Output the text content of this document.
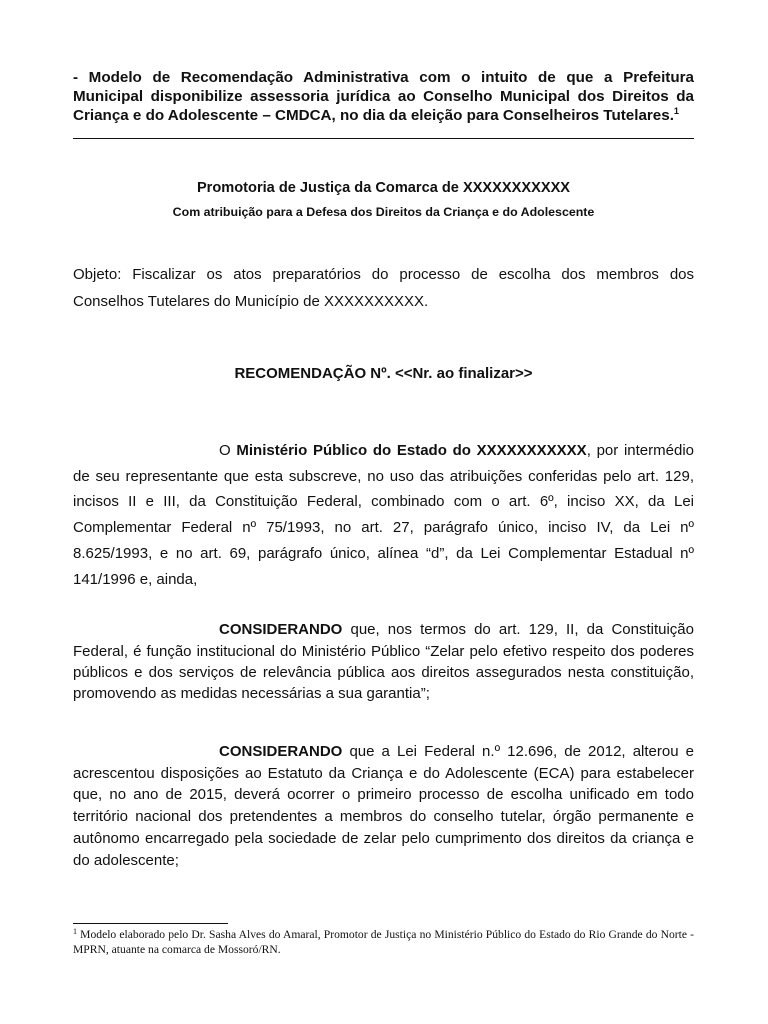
- Modelo de Recomendação Administrativa com o intuito de que a Prefeitura Municipal disponibilize assessoria jurídica ao Conselho Municipal dos Direitos da Criança e do Adolescente – CMDCA, no dia da eleição para Conselheiros Tutelares.$^1$

Promotoria de Justiça da Comarca de XXXXXXXXXXX

Com atribuição para a Defesa dos Direitos da Criança e do Adolescente

Objeto: Fiscalizar os atos preparatórios do processo de escolha dos membros dos Conselhos Tutelares do Município de XXXXXXXXXX.

RECOMENDAÇÃO Nº. <<Nr. ao finalizar>>

O Ministério Público do Estado do XXXXXXXXXXX, por intermédio de seu representante que esta subscreve, no uso das atribuições conferidas pelo art. 129, incisos II e III, da Constituição Federal, combinado com o art. 6º, inciso XX, da Lei Complementar Federal nº 75/1993, no art. 27, parágrafo único, inciso IV, da Lei nº 8.625/1993, e no art. 69, parágrafo único, alínea “d”, da Lei Complementar Estadual nº 141/1996 e, ainda,

CONSIDERANDO que, nos termos do art. 129, II, da Constituição Federal, é função institucional do Ministério Público “Zelar pelo efetivo respeito dos poderes públicos e dos serviços de relevância pública aos direitos assegurados nesta constituição, promovendo as medidas necessárias a sua garantia”;

CONSIDERANDO que a Lei Federal n.º 12.696, de 2012, alterou e acrescentou disposições ao Estatuto da Criança e do Adolescente (ECA) para estabelecer que, no ano de 2015, deverá ocorrer o primeiro processo de escolha unificado em todo território nacional dos pretendentes a membros do conselho tutelar, órgão permanente e autônomo encarregado pela sociedade de zelar pelo cumprimento dos direitos da criança e do adolescente;

$^1$ Modelo elaborado pelo Dr. Sasha Alves do Amaral, Promotor de Justiça no Ministério Público do Estado do Rio Grande do Norte - MPRN, atuante na comarca de Mossoró/RN.
